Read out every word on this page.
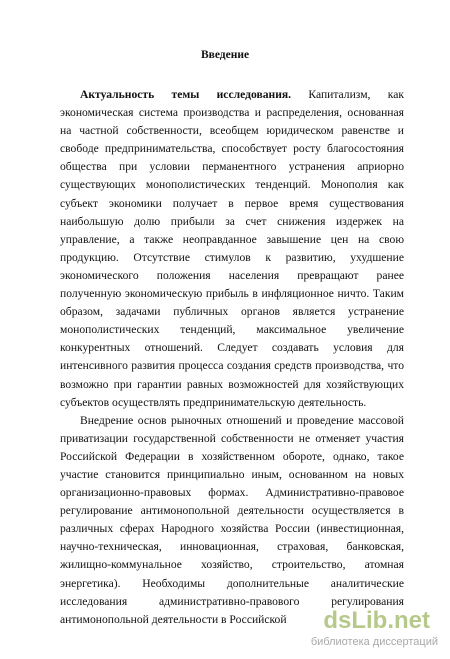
Введение

Актуальность темы исследования. Капитализм, как экономическая система производства и распределения, основанная на частной собственности, всеобщем юридическом равенстве и свободе предпринимательства, способствует росту благосостояния общества при условии перманентного устранения априорно существующих монополистических тенденций. Монополия как субъект экономики получает в первое время существования наибольшую долю прибыли за счет снижения издержек на управление, а также неоправданное завышение цен на свою продукцию. Отсутствие стимулов к развитию, ухудшение экономического положения населения превращают ранее полученную экономическую прибыль в инфляционное ничто. Таким образом, задачами публичных органов является устранение монополистических тенденций, максимальное увеличение конкурентных отношений. Следует создавать условия для интенсивного развития процесса создания средств производства, что возможно при гарантии равных возможностей для хозяйствующих субъектов осуществлять предпринимательскую деятельность.

Внедрение основ рыночных отношений и проведение массовой приватизации государственной собственности не отменяет участия Российской Федерации в хозяйственном обороте, однако, такое участие становится принципиально иным, основанном на новых организационно-правовых формах. Административно-правовое регулирование антимонопольной деятельности осуществляется в различных сферах Народного хозяйства России (инвестиционная, научно-техническая, инновационная, страховая, банковская, жилищно-коммунальное хозяйство, строительство, атомная энергетика). Необходимы дополнительные аналитические исследования административно-правового регулирования антимонопольной деятельности в Российской	dsLib.net
библиотека диссертаций
